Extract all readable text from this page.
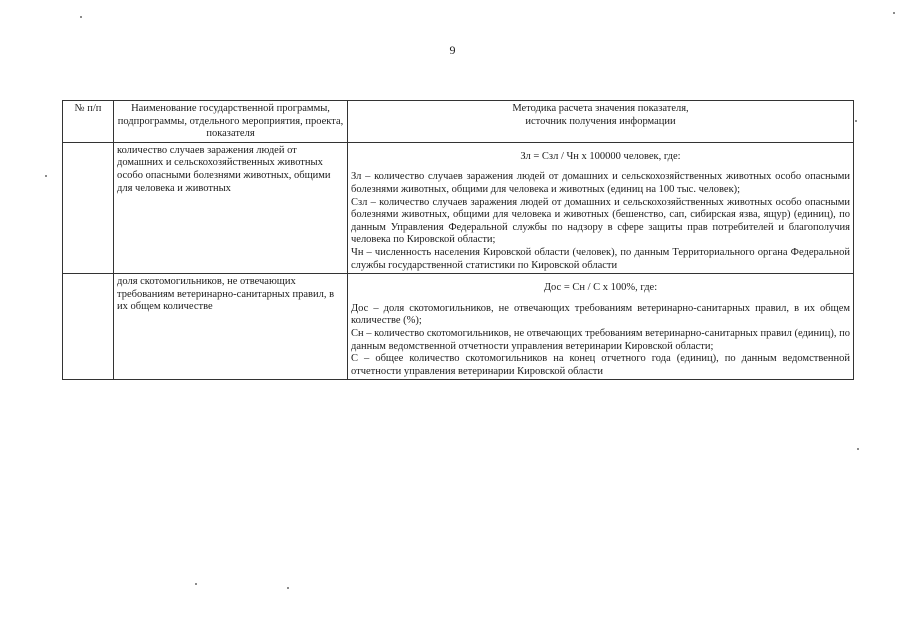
9
№ п/п	Наименование государственной программы, подпрограммы, отдельного мероприятия, проекта, показателя	Методика расчета значения показателя,
источник получения информации

	количество случаев заражения людей от домашних и сельскохозяйственных животных особо опасными болезнями животных, общими для человека и животных	Зл = Сзл / Чн х 100000 человек, где:

Зл – количество случаев заражения людей от домашних и сельскохозяйственных животных особо опасными болезнями животных, общими для человека и животных (единиц на 100 тыс. человек);

Сзл – количество случаев заражения людей от домашних и сельскохозяйственных животных особо опасными болезнями животных, общими для человека и животных (бешенство, сап, сибирская язва, ящур) (единиц), по данным Управления Федеральной службы по надзору в сфере защиты прав потребителей и благополучия человека по Кировской области;

Чн – численность населения Кировской области (человек), по данным Территориального органа Федеральной службы государственной статистики по Кировской области

	доля скотомогильников, не отвечающих требованиям ветеринарно-санитарных правил, в их общем количестве	Дос = Сн / С х 100%, где:

Дос – доля скотомогильников, не отвечающих требованиям ветеринарно-санитарных правил, в их общем количестве (%);

Сн – количество скотомогильников, не отвечающих требованиям ветеринарно-санитарных правил (единиц), по данным ведомственной отчетности управления ветеринарии Кировской области;

С – общее количество скотомогильников на конец отчетного года (единиц), по данным ведомственной отчетности управления ветеринарии Кировской области
